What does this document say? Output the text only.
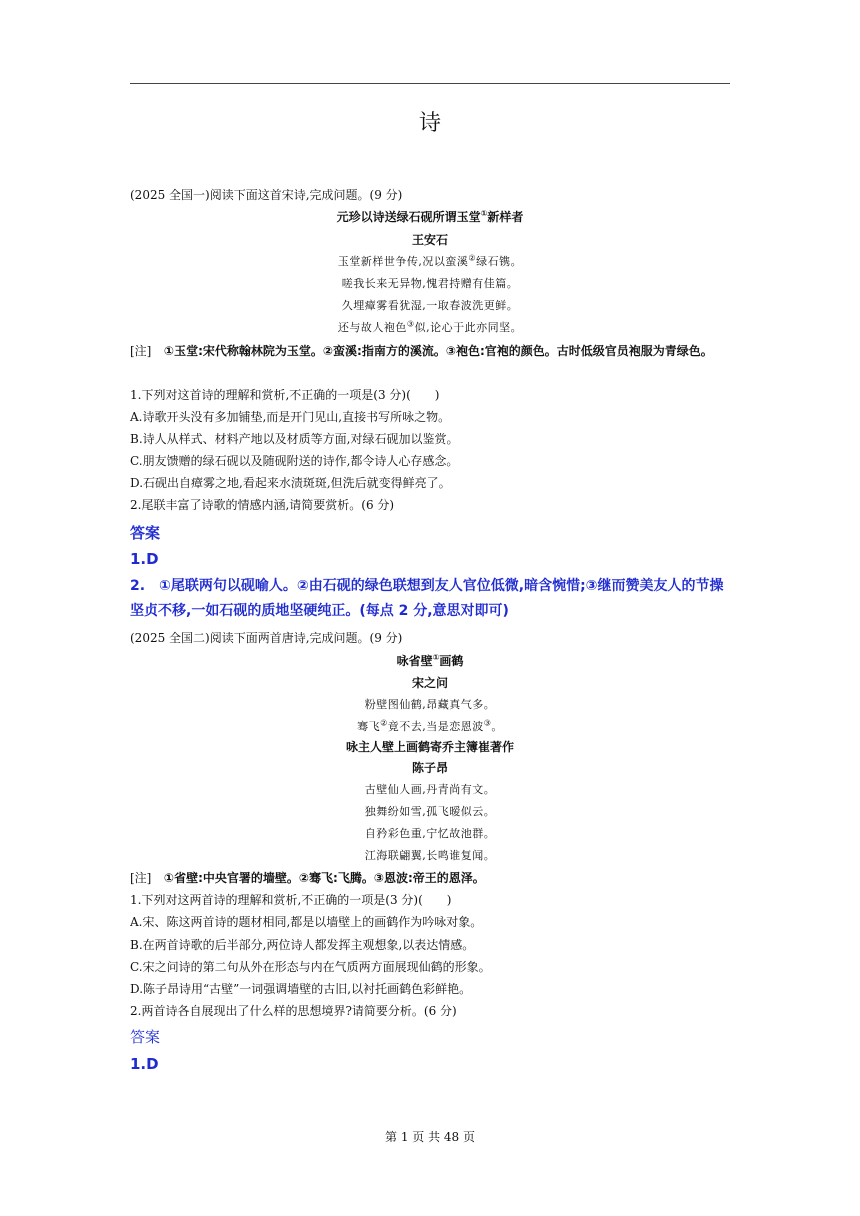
诗
(2025 全国一)阅读下面这首宋诗,完成问题。(9 分)
元珍以诗送绿石砚所谓玉堂①新样者
王安石
玉堂新样世争传,况以蛮溪②绿石镌。
嗟我长来无异物,愧君持赠有佳篇。
久埋瘴雾看犹湿,一取春波洗更鲜。
还与故人袍色③似,论心于此亦同坚。
[注] ①玉堂:宋代称翰林院为玉堂。②蛮溪:指南方的溪流。③袍色:官袍的颜色。古时低级官员袍服为青绿色。
1.下列对这首诗的理解和赏析,不正确的一项是(3 分)(　　)
A.诗歌开头没有多加铺垫,而是开门见山,直接书写所咏之物。
B.诗人从样式、材料产地以及材质等方面,对绿石砚加以鉴赏。
C.朋友馈赠的绿石砚以及随砚附送的诗作,都令诗人心存感念。
D.石砚出自瘴雾之地,看起来水渍斑斑,但洗后就变得鲜亮了。
2.尾联丰富了诗歌的情感内涵,请简要赏析。(6 分)
答案
1.D
2.　①尾联两句以砚喻人。②由石砚的绿色联想到友人官位低微,暗含惋惜;③继而赞美友人的节操坚贞不移,一如石砚的质地坚硬纯正。(每点 2 分,意思对即可)
(2025 全国二)阅读下面两首唐诗,完成问题。(9 分)
咏省壁①画鹤
宋之问
粉壁图仙鹤,昂藏真气多。
骞飞②竟不去,当是恋恩波③。
咏主人壁上画鹤寄乔主簿崔著作
陈子昂
古壁仙人画,丹青尚有文。
独舞纷如雪,孤飞暧似云。
自矜彩色重,宁忆故池群。
江海联翩翼,长鸣谁复闻。
[注] ①省壁:中央官署的墙壁。②骞飞:飞腾。③恩波:帝王的恩泽。
1.下列对这两首诗的理解和赏析,不正确的一项是(3 分)(　　)
A.宋、陈这两首诗的题材相同,都是以墙壁上的画鹤作为吟咏对象。
B.在两首诗歌的后半部分,两位诗人都发挥主观想象,以表达情感。
C.宋之问诗的第二句从外在形态与内在气质两方面展现仙鹤的形象。
D.陈子昂诗用“古壁”一词强调墙壁的古旧,以衬托画鹤色彩鲜艳。
2.两首诗各自展现出了什么样的思想境界?请简要分析。(6 分)
答案
1.D
第 1 页 共 48 页
